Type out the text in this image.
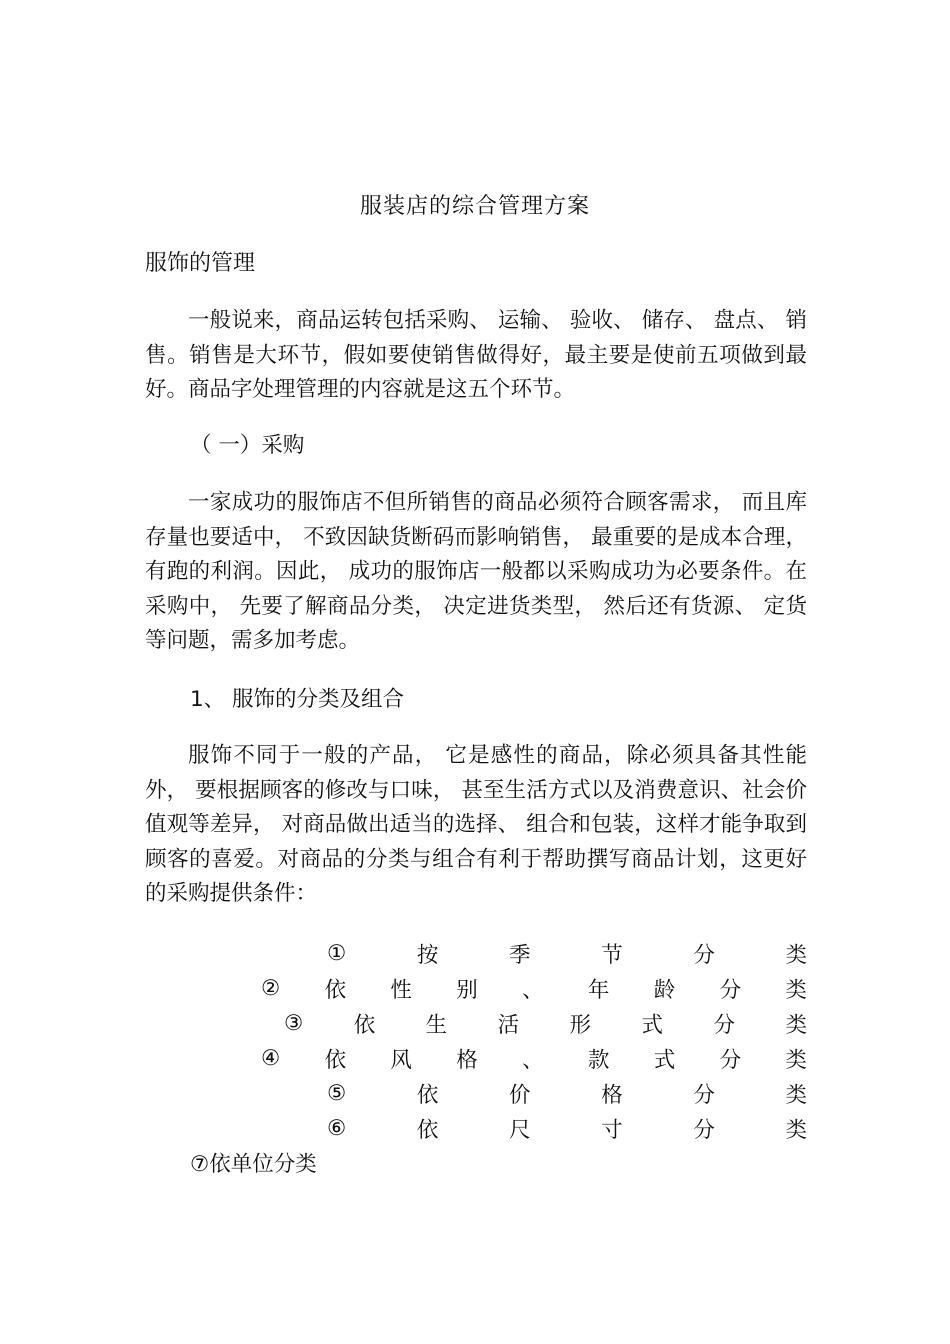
服装店的综合管理方案
服饰的管理

一般说来，商品运转包括采购、 运输、 验收、 储存、 盘点、 销售。销售是大环节，假如要使销售做得好，最主要是使前五项做到最好。商品字处理管理的内容就是这五个环节。

（ 一）采购

一家成功的服饰店不但所销售的商品必须符合顾客需求， 而且库存量也要适中， 不致因缺货断码而影响销售， 最重要的是成本合理， 有跑的利润。因此， 成功的服饰店一般都以采购成功为必要条件。在采购中， 先要了解商品分类， 决定进货类型， 然后还有货源、 定货等问题，需多加考虑。

1、 服饰的分类及组合

服饰不同于一般的产品， 它是感性的商品，除必须具备其性能外， 要根据顾客的修改与口味， 甚至生活方式以及消费意识、社会价值观等差异， 对商品做出适当的选择、 组合和包装，这样才能争取到顾客的喜爱。对商品的分类与组合有利于帮助撰写商品计划，这更好的采购提供条件：

①	按	季	节	分	类
② 依 性 别 、 年 龄 分 类
③ 依 生 活 形 式 分 类
④ 依 风 格 、 款 式 分 类
⑤	依	价	格	分	类
⑥	依	尺	寸	分	类
⑦依单位分类
